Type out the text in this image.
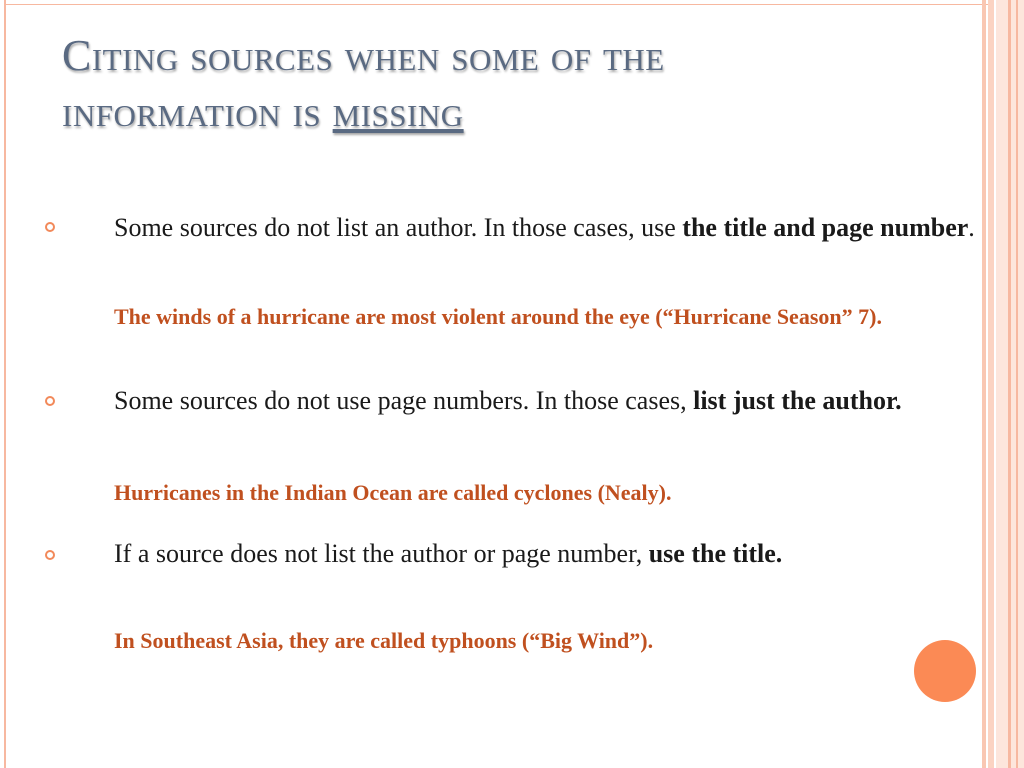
Citing sources when some of the
information is missing
Some sources do not list an author. In those cases, use the title and page number.
The winds of a hurricane are most violent around the eye (“Hurricane Season” 7).
Some sources do not use page numbers. In those cases, list just the author.
Hurricanes in the Indian Ocean are called cyclones (Nealy).
If a source does not list the author or page number, use the title.
In Southeast Asia, they are called typhoons (“Big Wind”).
